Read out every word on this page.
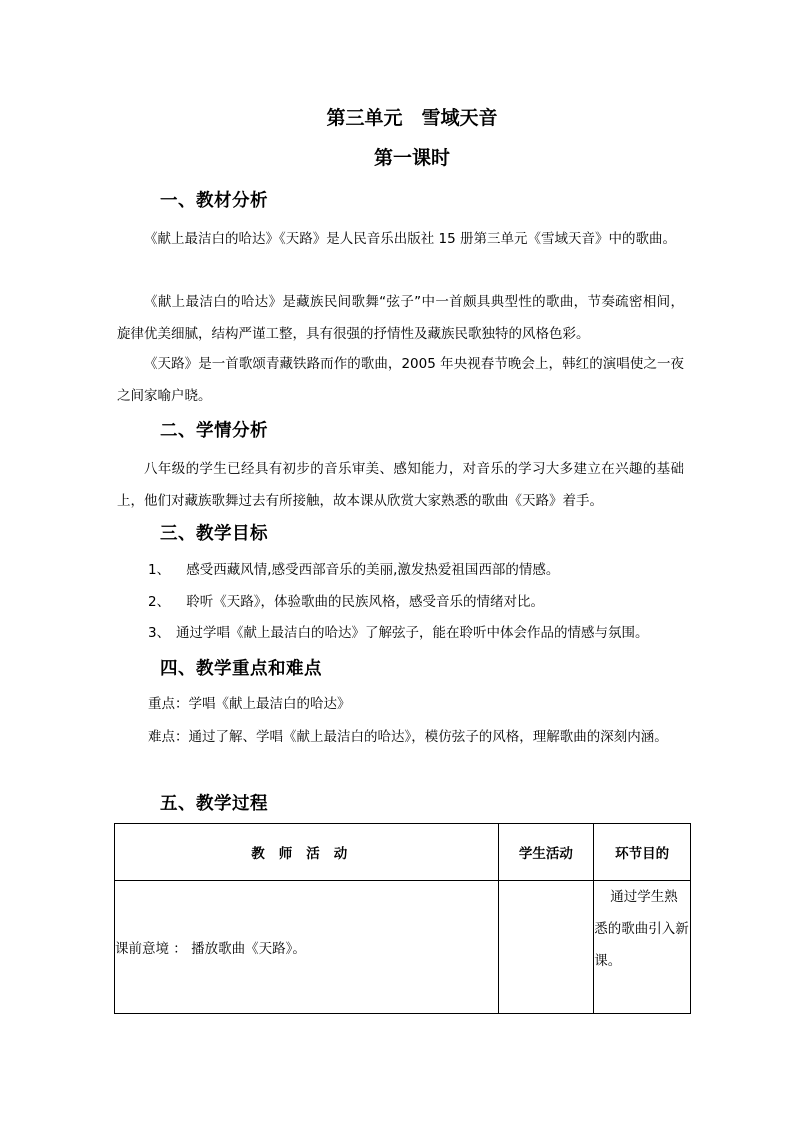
第三单元　雪域天音
第一课时
一、教材分析
《献上最洁白的哈达》《天路》是人民音乐出版社 15 册第三单元《雪域天音》中的歌曲。
《献上最洁白的哈达》是藏族民间歌舞“弦子”中一首颇具典型性的歌曲，节奏疏密相间，旋律优美细腻，结构严谨工整，具有很强的抒情性及藏族民歌独特的风格色彩。
《天路》是一首歌颂青藏铁路而作的歌曲，2005 年央视春节晚会上，韩红的演唱使之一夜之间家喻户晓。
二、学情分析
八年级的学生已经具有初步的音乐审美、感知能力，对音乐的学习大多建立在兴趣的基础上，他们对藏族歌舞过去有所接触，故本课从欣赏大家熟悉的歌曲《天路》着手。
三、教学目标
1、 感受西藏风情,感受西部音乐的美丽,激发热爱祖国西部的情感。
2、 聆听《天路》，体验歌曲的民族风格，感受音乐的情绪对比。
3、 通过学唱《献上最洁白的哈达》了解弦子，能在聆听中体会作品的情感与氛围。
四、教学重点和难点
重点：学唱《献上最洁白的哈达》
难点：通过了解、学唱《献上最洁白的哈达》，模仿弦子的风格，理解歌曲的深刻内涵。
五、教学过程
教师活动	学生活动	环节目的
课前意境 ： 播放歌曲《天路》。		通过学生熟悉的歌曲引入新课。
